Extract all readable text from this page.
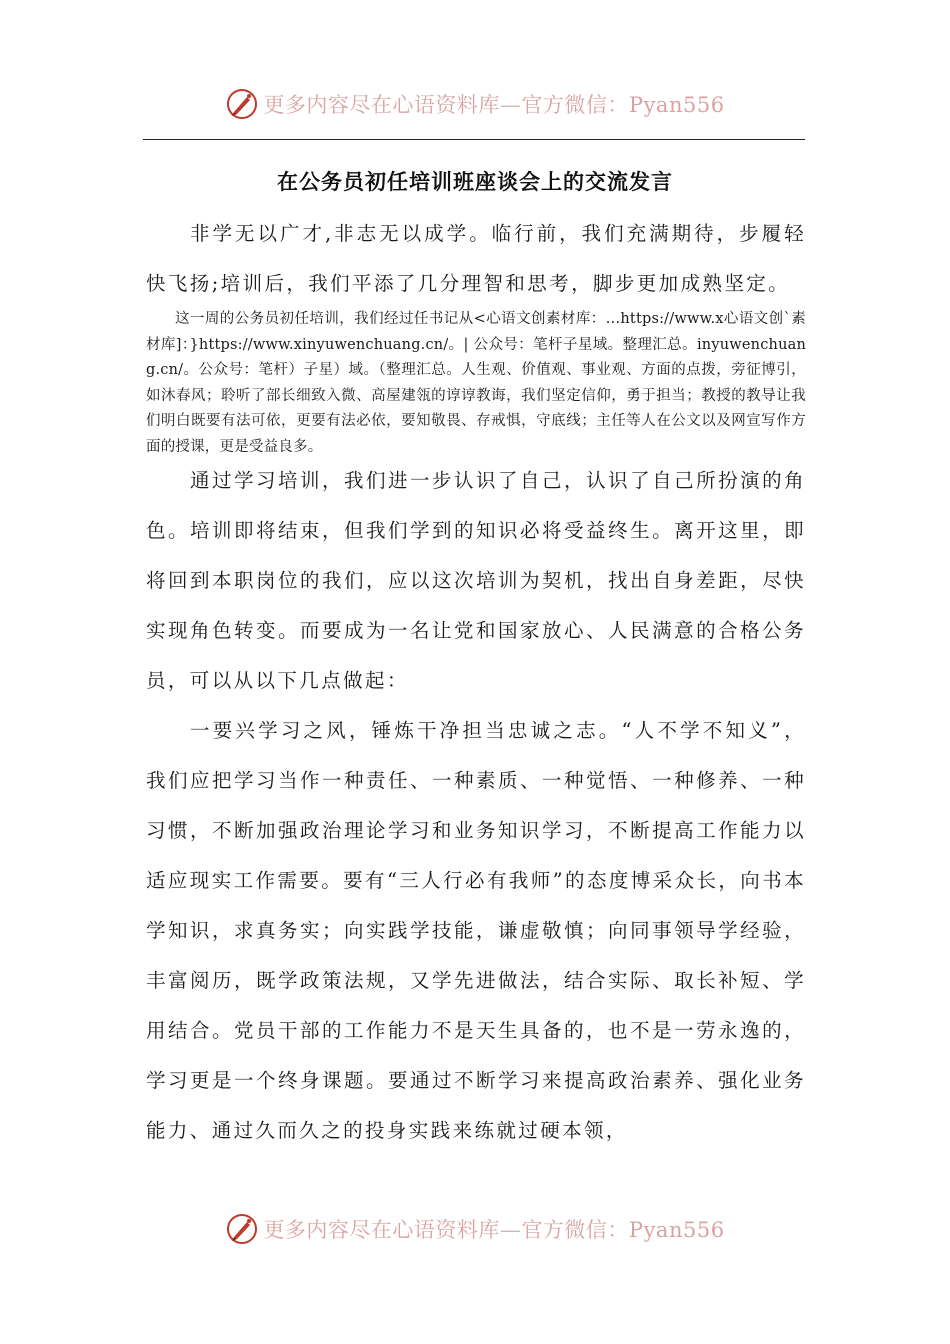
更多内容尽在心语资料库—官方微信：Pyan556
在公务员初任培训班座谈会上的交流发言

非学无以广才,非志无以成学。临行前，我们充满期待，步履轻快飞扬;培训后，我们平添了几分理智和思考，脚步更加成熟坚定。

这一周的公务员初任培训，我们经过任书记从<心语文创素材库：…https://www.x心语文创`素材库]：}https://www.xinyuwenchuang.cn/。| 公众号：笔杆子星域。整理汇总。inyuwenchuang.cn/。公众号：笔杆）子星）域。（整理汇总。人生观、价值观、事业观、方面的点拨，旁征博引，如沐春风；聆听了部长细致入微、高屋建瓴的谆谆教诲，我们坚定信仰，勇于担当；教授的教导让我们明白既要有法可依，更要有法必依，要知敬畏、存戒惧，守底线；主任等人在公文以及网宣写作方面的授课，更是受益良多。

通过学习培训，我们进一步认识了自己，认识了自己所扮演的角色。培训即将结束，但我们学到的知识必将受益终生。离开这里，即将回到本职岗位的我们，应以这次培训为契机，找出自身差距，尽快实现角色转变。而要成为一名让党和国家放心、人民满意的合格公务员，可以从以下几点做起：

一要兴学习之风，锤炼干净担当忠诚之志。“人不学不知义”，我们应把学习当作一种责任、一种素质、一种觉悟、一种修养、一种习惯，不断加强政治理论学习和业务知识学习，不断提高工作能力以适应现实工作需要。要有“三人行必有我师”的态度博采众长，向书本学知识，求真务实；向实践学技能，谦虚敬慎；向同事领导学经验，丰富阅历，既学政策法规，又学先进做法，结合实际、取长补短、学用结合。党员干部的工作能力不是天生具备的，也不是一劳永逸的，学习更是一个终身课题。要通过不断学习来提高政治素养、强化业务能力、通过久而久之的投身实践来练就过硬本领，

更多内容尽在心语资料库—官方微信：Pyan556
